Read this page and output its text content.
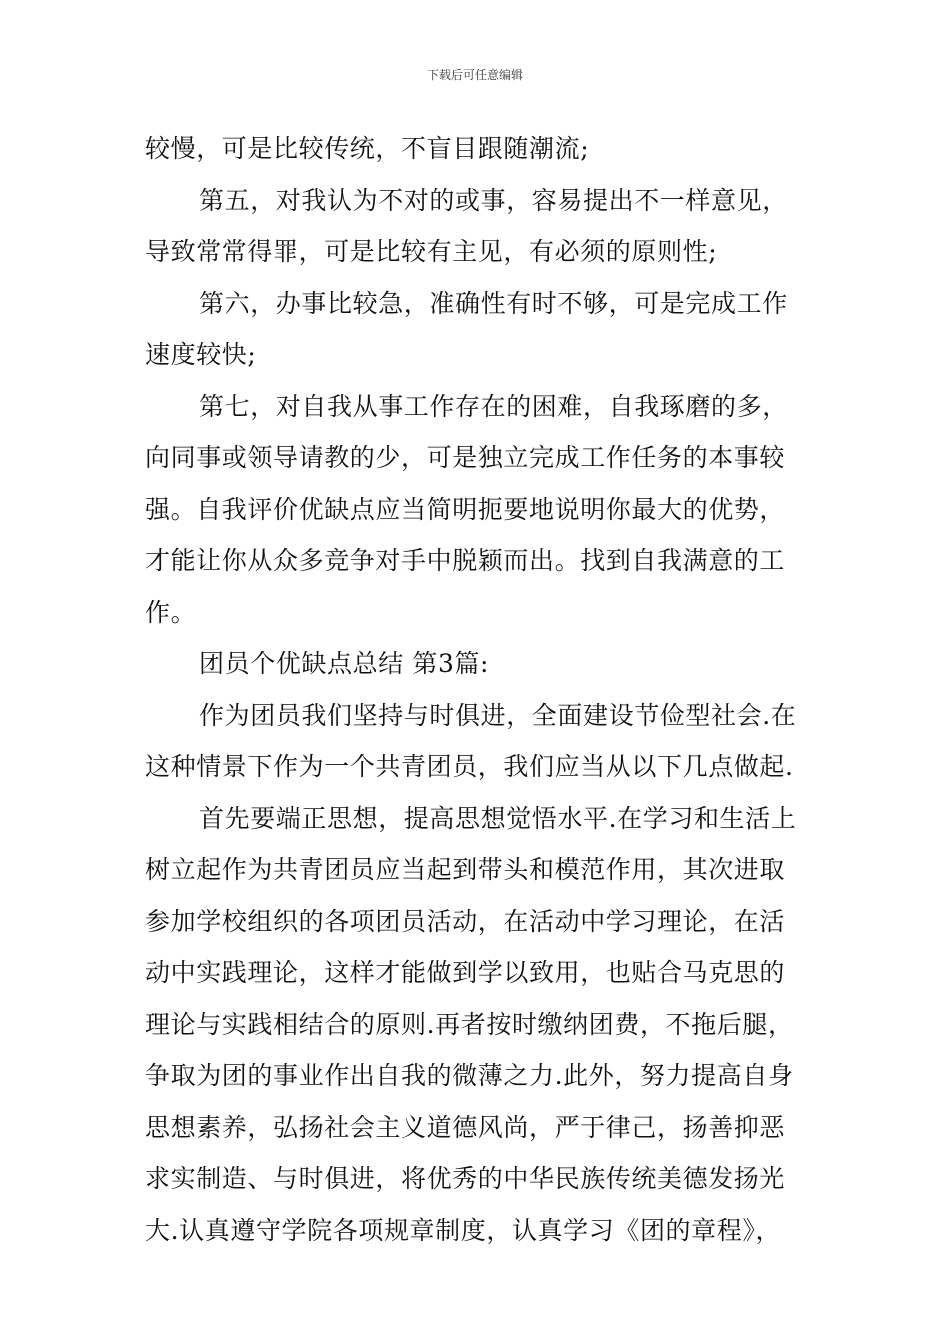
下载后可任意编辑
较慢，可是比较传统，不盲目跟随潮流;
第五，对我认为不对的或事，容易提出不一样意见，
导致常常得罪，可是比较有主见，有必须的原则性;
第六，办事比较急，准确性有时不够，可是完成工作
速度较快;
第七，对自我从事工作存在的困难，自我琢磨的多，
向同事或领导请教的少，可是独立完成工作任务的本事较
强。自我评价优缺点应当简明扼要地说明你最大的优势，
才能让你从众多竞争对手中脱颖而出。找到自我满意的工
作。
团员个优缺点总结 第3篇:
作为团员我们坚持与时俱进，全面建设节俭型社会.在
这种情景下作为一个共青团员，我们应当从以下几点做起.
首先要端正思想，提高思想觉悟水平.在学习和生活上
树立起作为共青团员应当起到带头和模范作用，其次进取
参加学校组织的各项团员活动，在活动中学习理论，在活
动中实践理论，这样才能做到学以致用，也贴合马克思的
理论与实践相结合的原则.再者按时缴纳团费，不拖后腿，
争取为团的事业作出自我的微薄之力.此外，努力提高自身
思想素养，弘扬社会主义道德风尚，严于律己，扬善抑恶
求实制造、与时俱进，将优秀的中华民族传统美德发扬光
大.认真遵守学院各项规章制度，认真学习《团的章程》，
